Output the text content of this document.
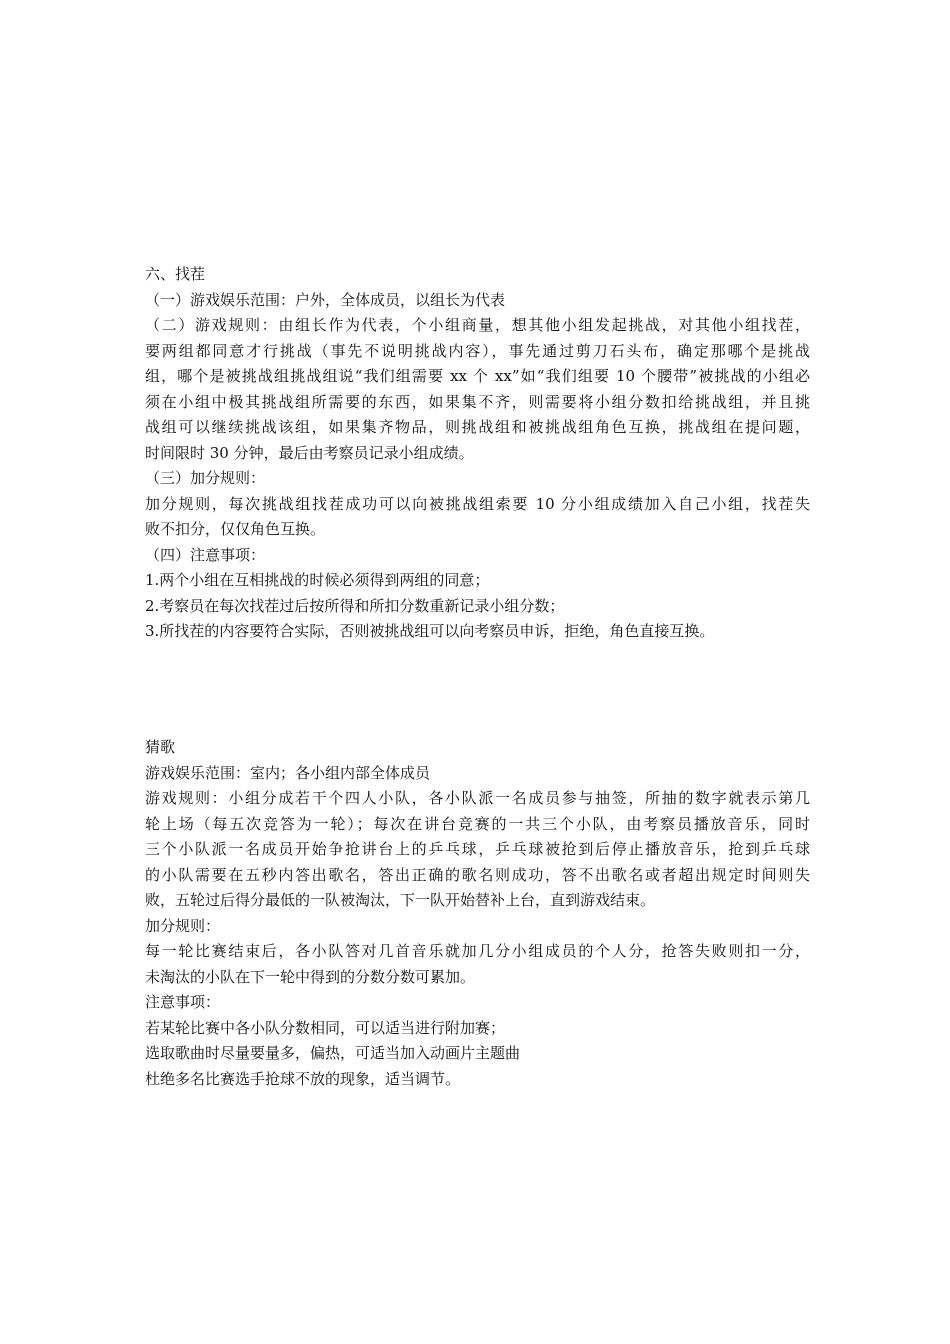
六、找茬
（一）游戏娱乐范围：户外，全体成员，以组长为代表
（二）游戏规则：由组长作为代表，个小组商量，想其他小组发起挑战，对其他小组找茬，
要两组都同意才行挑战（事先不说明挑战内容），事先通过剪刀石头布，确定那哪个是挑战
组，哪个是被挑战组挑战组说“我们组需要 xx 个 xx”如“我们组要 10 个腰带”被挑战的小组必
须在小组中极其挑战组所需要的东西，如果集不齐，则需要将小组分数扣给挑战组，并且挑
战组可以继续挑战该组，如果集齐物品，则挑战组和被挑战组角色互换，挑战组在提问题，
时间限时 30 分钟，最后由考察员记录小组成绩。
（三）加分规则：
加分规则，每次挑战组找茬成功可以向被挑战组索要 10 分小组成绩加入自己小组，找茬失
败不扣分，仅仅角色互换。
（四）注意事项：
1.两个小组在互相挑战的时候必须得到两组的同意；
2.考察员在每次找茬过后按所得和所扣分数重新记录小组分数；
3.所找茬的内容要符合实际，否则被挑战组可以向考察员申诉，拒绝，角色直接互换。
猜歌
游戏娱乐范围：室内；各小组内部全体成员
游戏规则：小组分成若干个四人小队，各小队派一名成员参与抽签，所抽的数字就表示第几
轮上场（每五次竞答为一轮）；每次在讲台竞赛的一共三个小队，由考察员播放音乐，同时
三个小队派一名成员开始争抢讲台上的乒乓球，乒乓球被抢到后停止播放音乐，抢到乒乓球
的小队需要在五秒内答出歌名，答出正确的歌名则成功，答不出歌名或者超出规定时间则失
败，五轮过后得分最低的一队被淘汰，下一队开始替补上台，直到游戏结束。
加分规则：
每一轮比赛结束后，各小队答对几首音乐就加几分小组成员的个人分，抢答失败则扣一分，
未淘汰的小队在下一轮中得到的分数分数可累加。
注意事项：
若某轮比赛中各小队分数相同，可以适当进行附加赛；
选取歌曲时尽量要量多，偏热，可适当加入动画片主题曲
杜绝多名比赛选手抢球不放的现象，适当调节。
